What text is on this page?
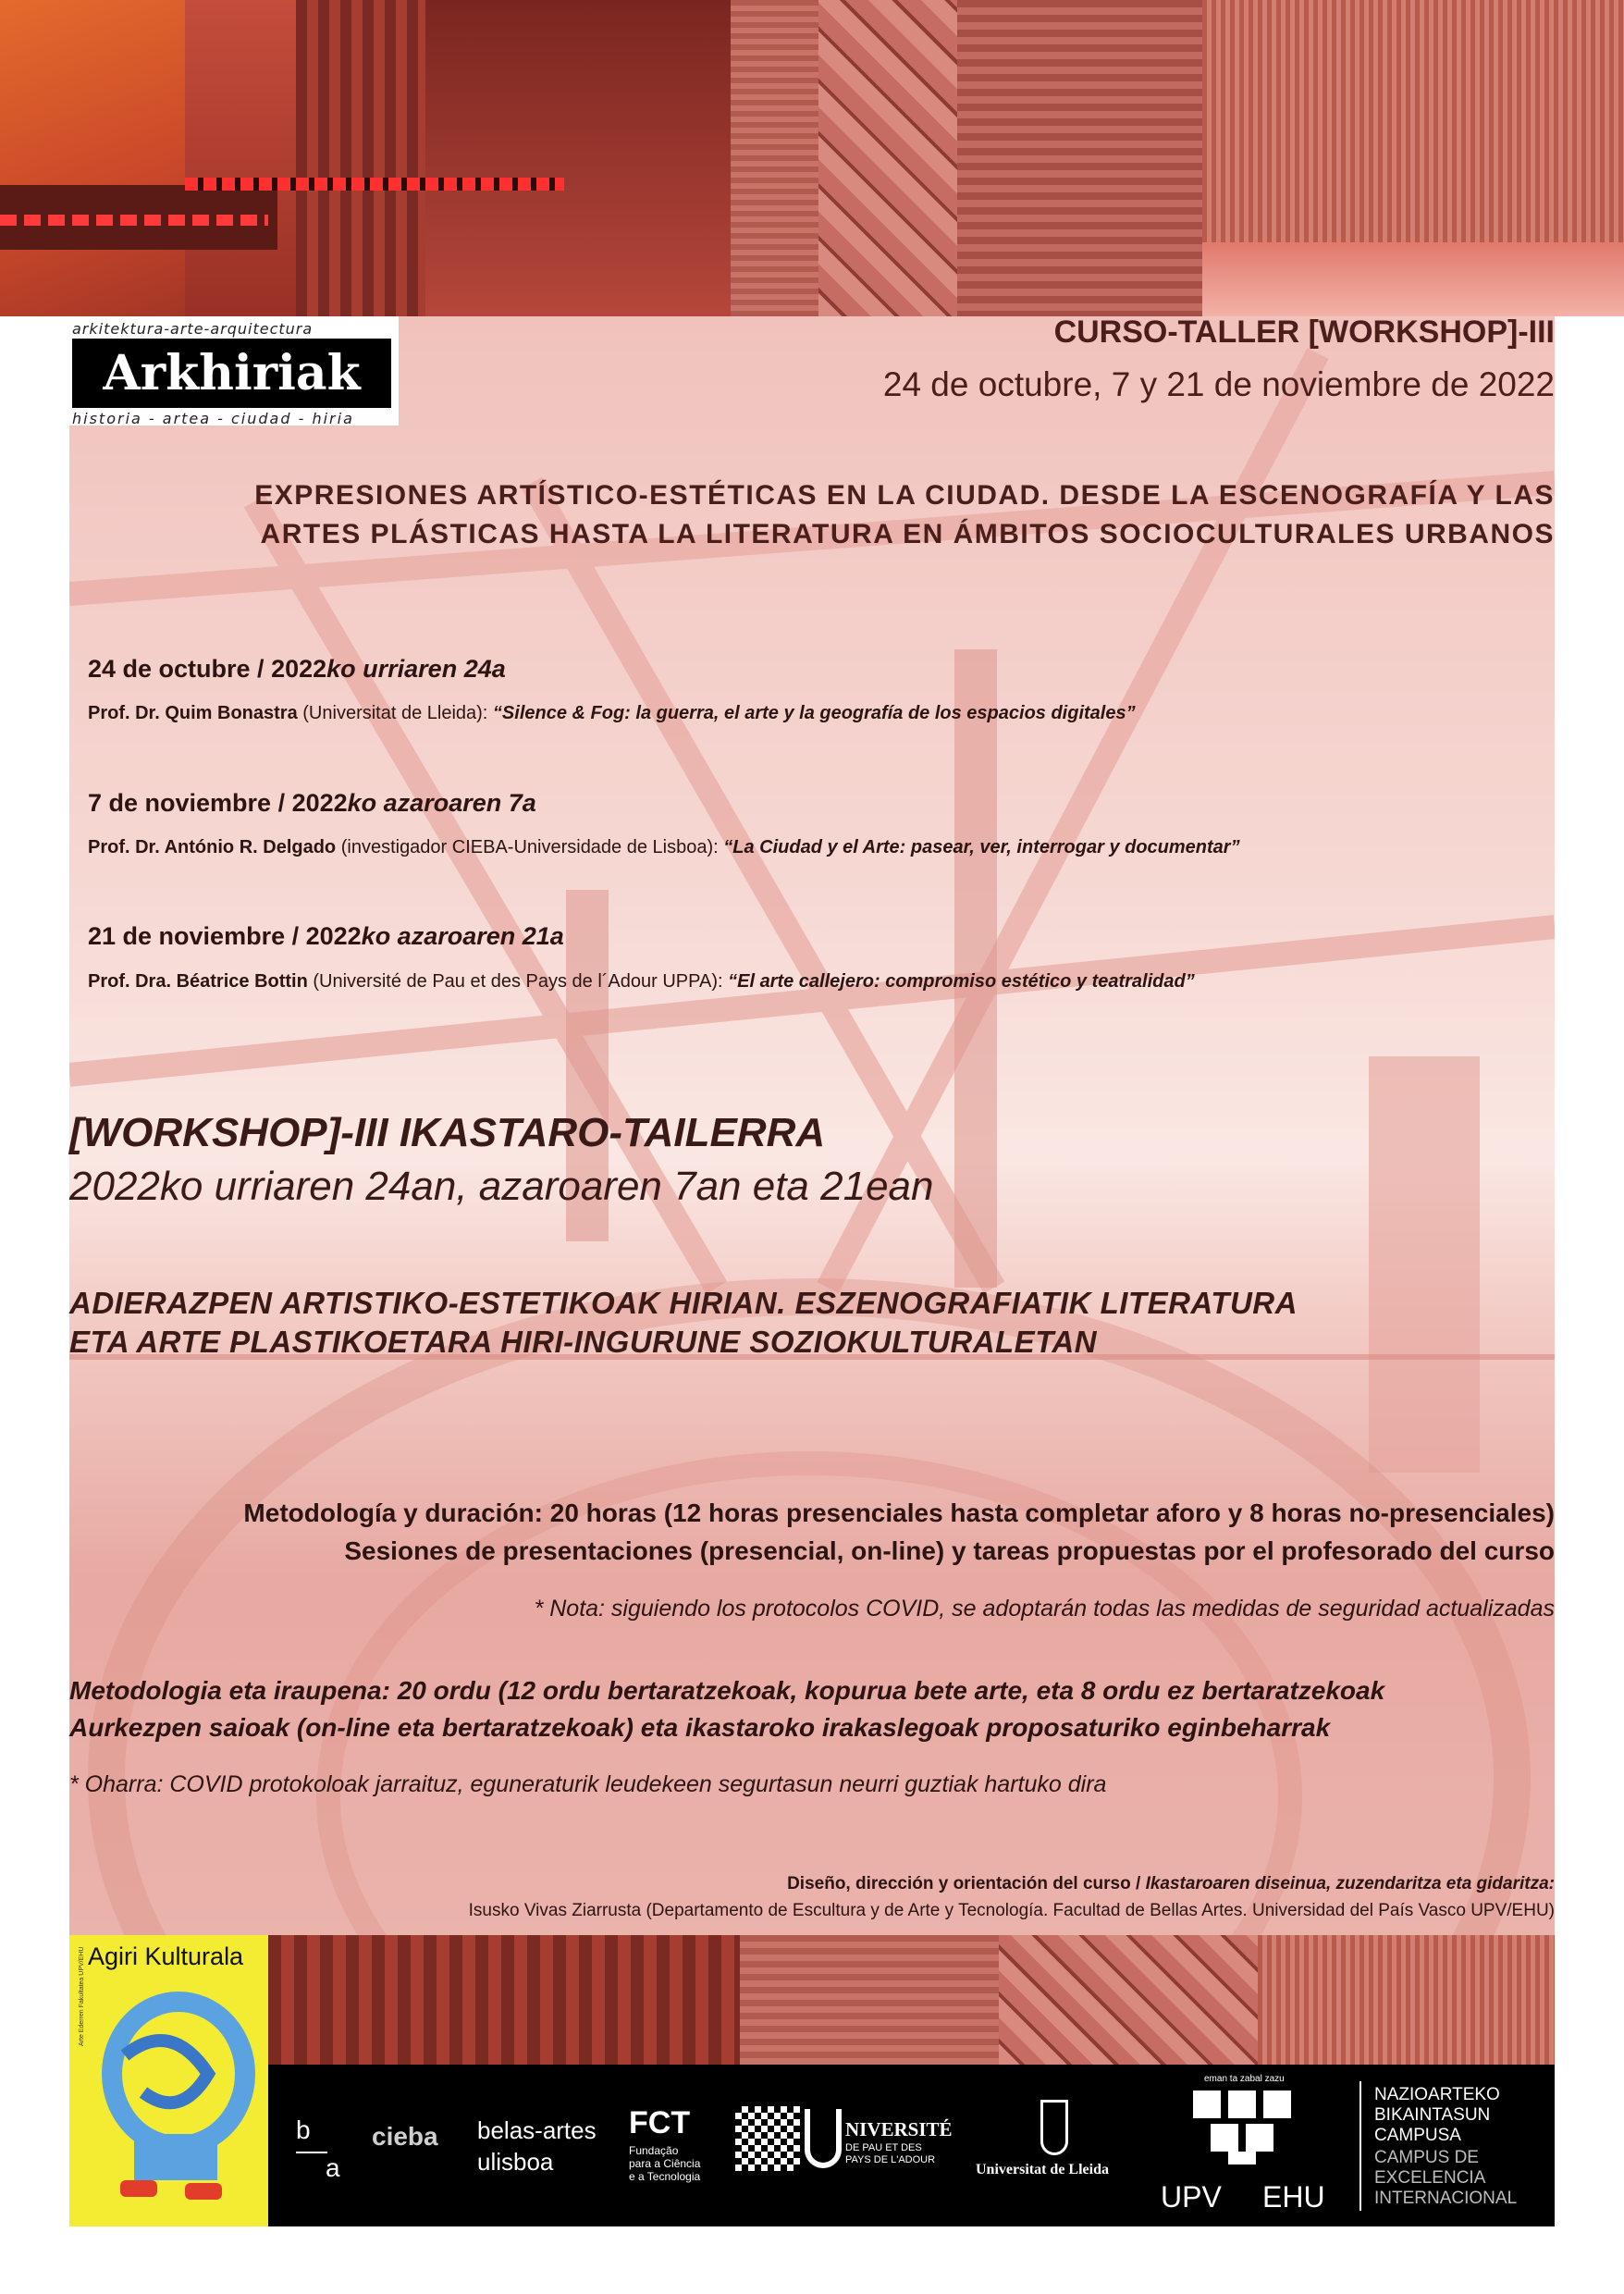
arkitektura-arte-arquitectura
Arkhiriak
historia - artea - ciudad - hiria
CURSO-TALLER [WORKSHOP]-III
24 de octubre, 7 y 21 de noviembre de 2022
EXPRESIONES ARTÍSTICO-ESTÉTICAS EN LA CIUDAD. DESDE LA ESCENOGRAFÍA Y LAS
ARTES PLÁSTICAS HASTA LA LITERATURA EN ÁMBITOS SOCIOCULTURALES URBANOS
24 de octubre / 2022ko urriaren 24a
Prof. Dr. Quim Bonastra (Universitat de Lleida): “Silence & Fog: la guerra, el arte y la geografía de los espacios digitales”
7 de noviembre / 2022ko azaroaren 7a
Prof. Dr. António R. Delgado (investigador CIEBA-Universidade de Lisboa): “La Ciudad y el Arte: pasear, ver, interrogar y documentar”
21 de noviembre / 2022ko azaroaren 21a
Prof. Dra. Béatrice Bottin (Université de Pau et des Pays de l´Adour UPPA): “El arte callejero: compromiso estético y teatralidad”
[WORKSHOP]-III IKASTARO-TAILERRA
2022ko urriaren 24an, azaroaren 7an eta 21ean
ADIERAZPEN ARTISTIKO-ESTETIKOAK HIRIAN. ESZENOGRAFIATIK LITERATURA
ETA ARTE PLASTIKOETARA HIRI-INGURUNE SOZIOKULTURALETAN
Metodología y duración: 20 horas (12 horas presenciales hasta completar aforo y 8 horas no-presenciales)
Sesiones de presentaciones (presencial, on-line) y tareas propuestas por el profesorado del curso
* Nota: siguiendo los protocolos COVID, se adoptarán todas las medidas de seguridad actualizadas
Metodologia eta iraupena: 20 ordu (12 ordu bertaratzekoak, kopurua bete arte, eta 8 ordu ez bertaratzekoak
Aurkezpen saioak (on-line eta bertaratzekoak) eta ikastaroko irakaslegoak proposaturiko eginbeharrak
* Oharra: COVID protokoloak jarraituz, eguneraturik leudekeen segurtasun neurri guztiak hartuko dira
Diseño, dirección y orientación del curso / Ikastaroaren diseinua, zuzendaritza eta gidaritza:
Isusko Vivas Ziarrusta (Departamento de Escultura y de Arte y Tecnología. Facultad de Bellas Artes. Universidad del País Vasco UPV/EHU)
Arte Ederren Fakultatea UPV/EHU Agiri Kulturala
b
a
cieba belas-artes
ulisboa
FCT
Fundação
para a Ciência
e a Tecnologia
NIVERSITÉ
DE PAU ET DES
PAYS DE L'ADOUR
Universitat de Lleida
eman ta zabal zazu
UPV EHU
NAZIOARTEKO
BIKAINTASUN
CAMPUSA
CAMPUS DE
EXCELENCIA
INTERNACIONAL
